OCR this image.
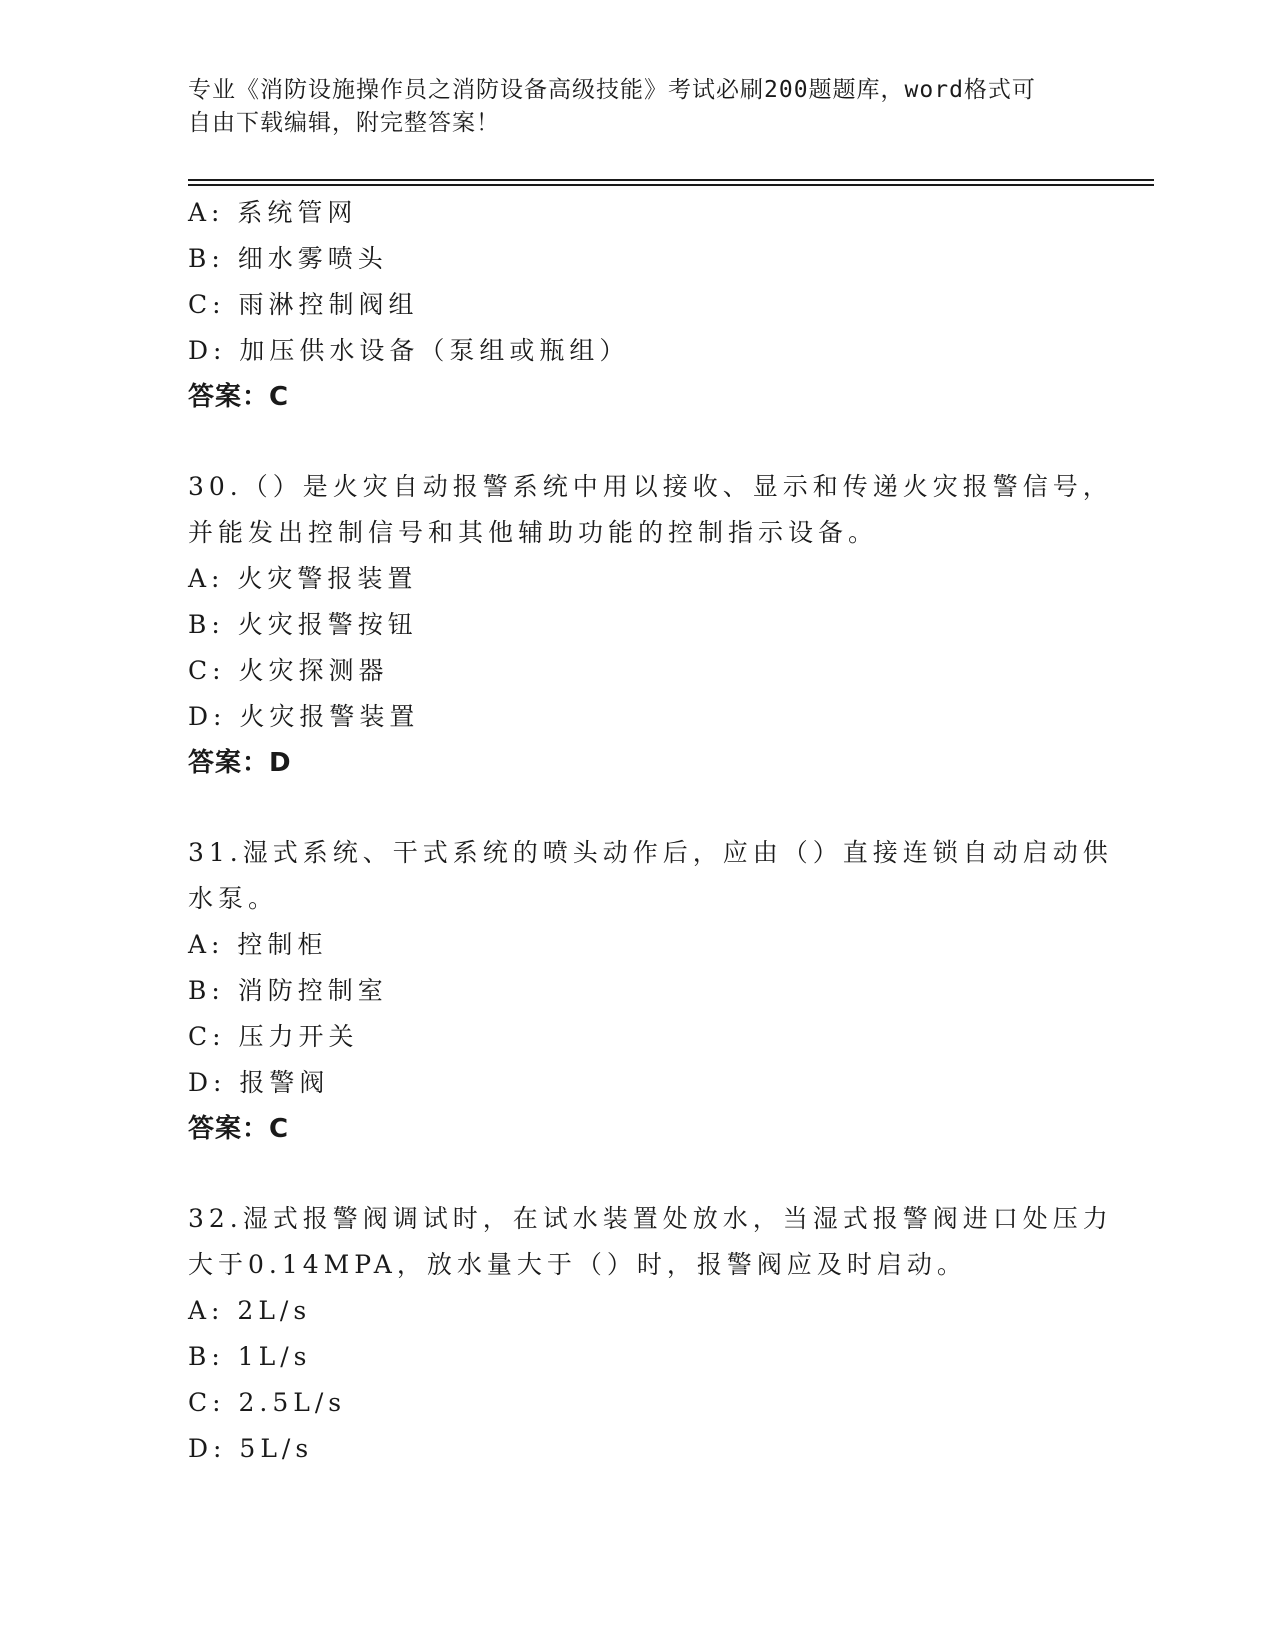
专业《消防设施操作员之消防设备高级技能》考试必刷200题题库，word格式可
自由下载编辑，附完整答案！
A: 系统管网
B: 细水雾喷头
C: 雨淋控制阀组
D: 加压供水设备（泵组或瓶组）
答案：C
30.（）是火灾自动报警系统中用以接收、显示和传递火灾报警信号，
并能发出控制信号和其他辅助功能的控制指示设备。
A: 火灾警报装置
B: 火灾报警按钮
C: 火灾探测器
D: 火灾报警装置
答案：D
31.湿式系统、干式系统的喷头动作后，应由（）直接连锁自动启动供
水泵。
A: 控制柜
B: 消防控制室
C: 压力开关
D: 报警阀
答案：C
32.湿式报警阀调试时，在试水装置处放水，当湿式报警阀进口处压力
大于0.14MPA，放水量大于（）时，报警阀应及时启动。
A: 2L/s
B: 1L/s
C: 2.5L/s
D: 5L/s
